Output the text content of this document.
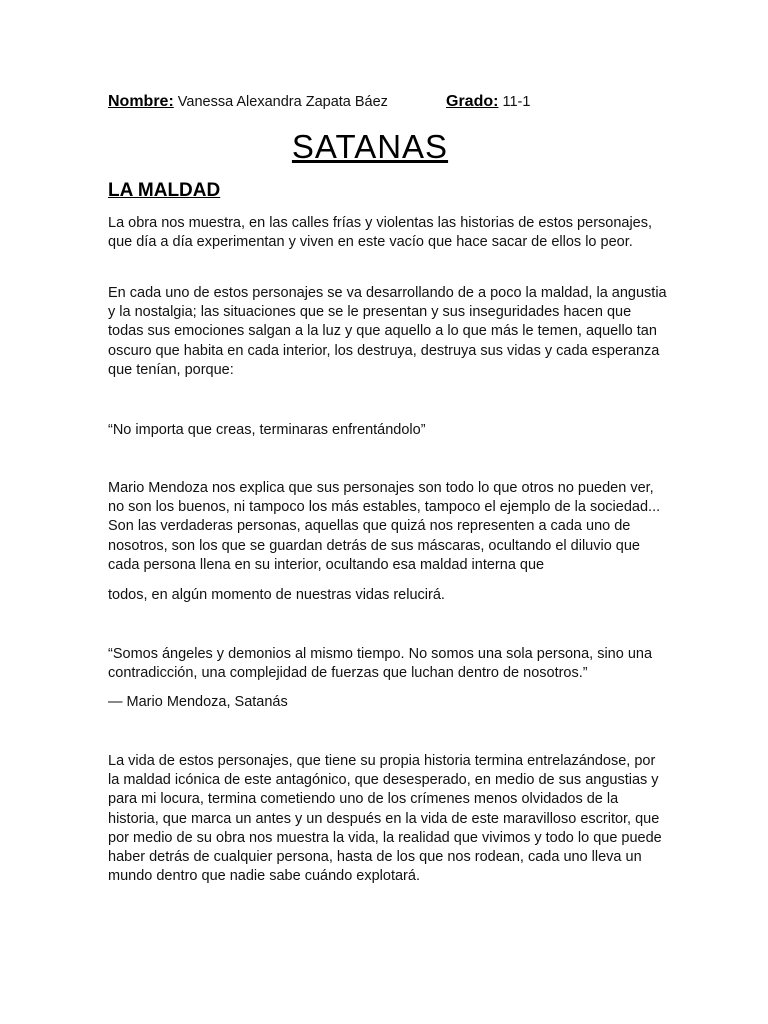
Nombre: Vanessa Alexandra Zapata Báez	Grado: 11-1
SATANAS
LA MALDAD

La obra nos muestra, en las calles frías y violentas las historias de estos personajes, que día a día experimentan y viven en este vacío que hace sacar de ellos lo peor.

En cada uno de estos personajes se va desarrollando de a poco la maldad, la angustia y la nostalgia; las situaciones que se le presentan y sus inseguridades hacen que todas sus emociones salgan a la luz y que aquello a lo que más le temen, aquello tan oscuro que habita en cada interior, los destruya, destruya sus vidas y cada esperanza que tenían, porque:

“No importa que creas, terminaras enfrentándolo”

Mario Mendoza nos explica que sus personajes son todo lo que otros no pueden ver, no son los buenos, ni tampoco los más estables, tampoco el ejemplo de la sociedad... Son las verdaderas personas, aquellas que quizá nos representen a cada uno de nosotros, son los que se guardan detrás de sus máscaras, ocultando el diluvio que cada persona llena en su interior, ocultando esa maldad interna que

todos, en algún momento de nuestras vidas relucirá.

“Somos ángeles y demonios al mismo tiempo. No somos una sola persona, sino una contradicción, una complejidad de fuerzas que luchan dentro de nosotros.”

― Mario Mendoza, Satanás

La vida de estos personajes, que tiene su propia historia termina entrelazándose, por la maldad icónica de este antagónico, que desesperado, en medio de sus angustias y para mi locura, termina cometiendo uno de los crímenes menos olvidados de la historia, que marca un antes y un después en la vida de este maravilloso escritor, que por medio de su obra nos muestra la vida, la realidad que vivimos y todo lo que puede haber detrás de cualquier persona, hasta de los que nos rodean, cada uno lleva un mundo dentro que nadie sabe cuándo explotará.
